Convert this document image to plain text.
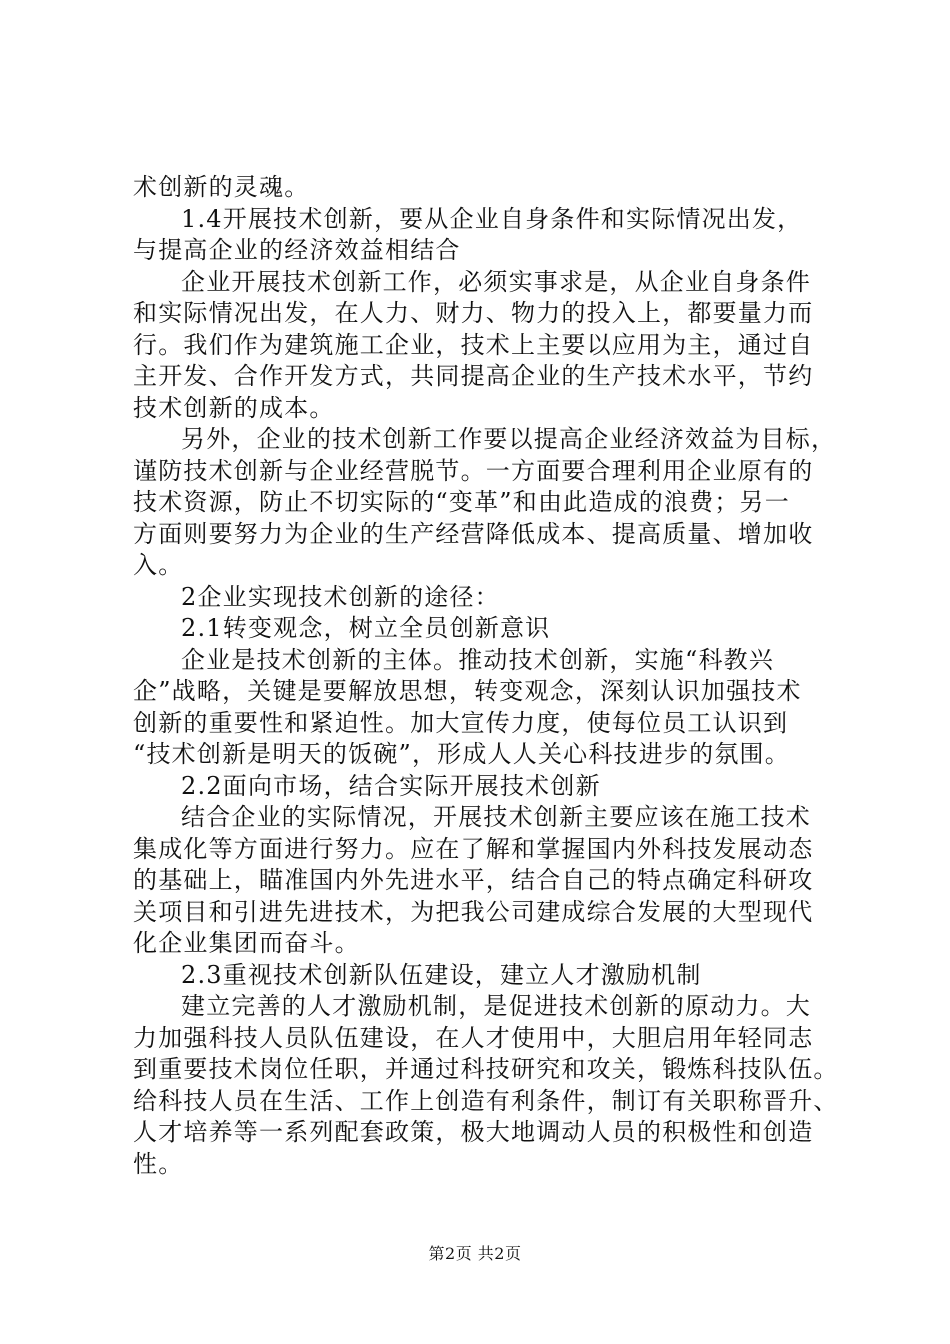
术创新的灵魂。
1.4开展技术创新，要从企业自身条件和实际情况出发，
与提高企业的经济效益相结合
企业开展技术创新工作，必须实事求是，从企业自身条件
和实际情况出发，在人力、财力、物力的投入上，都要量力而
行。我们作为建筑施工企业，技术上主要以应用为主，通过自
主开发、合作开发方式，共同提高企业的生产技术水平，节约
技术创新的成本。
另外，企业的技术创新工作要以提高企业经济效益为目标，
谨防技术创新与企业经营脱节。一方面要合理利用企业原有的
技术资源，防止不切实际的“变革”和由此造成的浪费；另一
方面则要努力为企业的生产经营降低成本、提高质量、增加收
入。
2企业实现技术创新的途径：
2.1转变观念，树立全员创新意识
企业是技术创新的主体。推动技术创新，实施“科教兴
企”战略，关键是要解放思想，转变观念，深刻认识加强技术
创新的重要性和紧迫性。加大宣传力度，使每位员工认识到
“技术创新是明天的饭碗”，形成人人关心科技进步的氛围。
2.2面向市场，结合实际开展技术创新
结合企业的实际情况，开展技术创新主要应该在施工技术
集成化等方面进行努力。应在了解和掌握国内外科技发展动态
的基础上，瞄准国内外先进水平，结合自己的特点确定科研攻
关项目和引进先进技术，为把我公司建成综合发展的大型现代
化企业集团而奋斗。
2.3重视技术创新队伍建设，建立人才激励机制
建立完善的人才激励机制，是促进技术创新的原动力。大
力加强科技人员队伍建设，在人才使用中，大胆启用年轻同志
到重要技术岗位任职，并通过科技研究和攻关，锻炼科技队伍。
给科技人员在生活、工作上创造有利条件，制订有关职称晋升、
人才培养等一系列配套政策，极大地调动人员的积极性和创造
性。
第2页 共2页
